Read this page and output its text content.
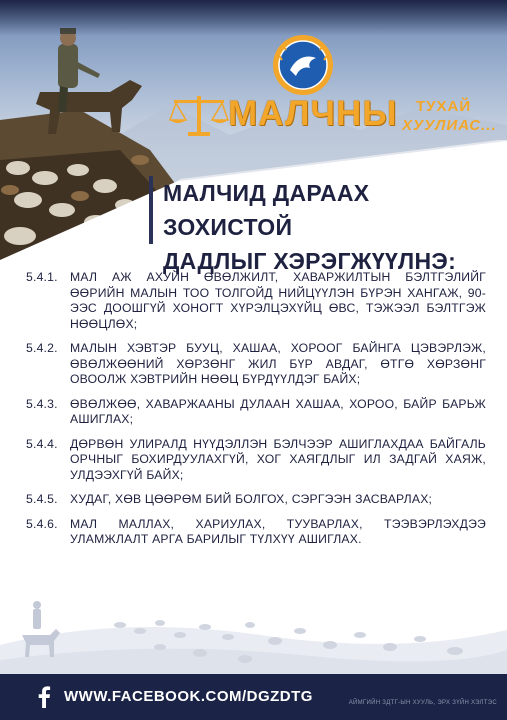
МАЛЧНЫ ТУХАЙ
ХУУЛИАС...
МАЛЧИД ДАРААХ ЗОХИСТОЙ
ДАДЛЫГ ХЭРЭГЖҮҮЛНЭ:
5.4.1.	МАЛ АЖ АХУЙН ӨВӨЛЖИЛТ, ХАВАРЖИЛТЫН БЭЛТГЭЛИЙГ ӨӨРИЙН МАЛЫН ТОО ТОЛГОЙД НИЙЦҮҮЛЭН БҮРЭН ХАНГАЖ, 90-ЭЭС ДООШГҮЙ ХОНОГТ ХҮРЭЛЦЭХҮЙЦ ӨВС, ТЭЖЭЭЛ БЭЛТГЭЖ НӨӨЦЛӨХ;
5.4.2.	МАЛЫН ХЭВТЭР БУУЦ, ХАШАА, ХОРООГ БАЙНГА ЦЭВЭРЛЭЖ, ӨВӨЛЖӨӨНИЙ ХӨРЗӨНГ ЖИЛ БҮР АВДАГ, ӨТГӨ ХӨРЗӨНГ ОВООЛЖ ХЭВТРИЙН НӨӨЦ БҮРДҮҮЛДЭГ БАЙХ;
5.4.3.	ӨВӨЛЖӨӨ, ХАВАРЖААНЫ ДУЛААН ХАШАА, ХОРОО, БАЙР БАРЬЖ АШИГЛАХ;
5.4.4.	ДӨРВӨН УЛИРАЛД НҮҮДЭЛЛЭН БЭЛЧЭЭР АШИГЛАХДАА БАЙГАЛЬ ОРЧНЫГ БОХИРДУУЛАХГҮЙ, ХОГ ХАЯГДЛЫГ ИЛ ЗАДГАЙ ХАЯЖ, УЛДЭЭХГҮЙ БАЙХ;
5.4.5.	ХУДАГ, ХӨВ ЦӨӨРӨМ БИЙ БОЛГОХ, СЭРГЭЭН ЗАСВАРЛАХ;
5.4.6.	МАЛ МАЛЛАХ, ХАРИУЛАХ, ТУУВАРЛАХ, ТЭЭВЭРЛЭХДЭЭ УЛАМЖЛАЛТ АРГА БАРИЛЫГ ТҮЛХҮҮ АШИГЛАХ.
WWW.FACEBOOK.COM/DGZDTG	АЙМГИЙН ЗДТГ-ЫН ХУУЛЬ, ЭРХ ЗҮЙН ХЭЛТЭС
